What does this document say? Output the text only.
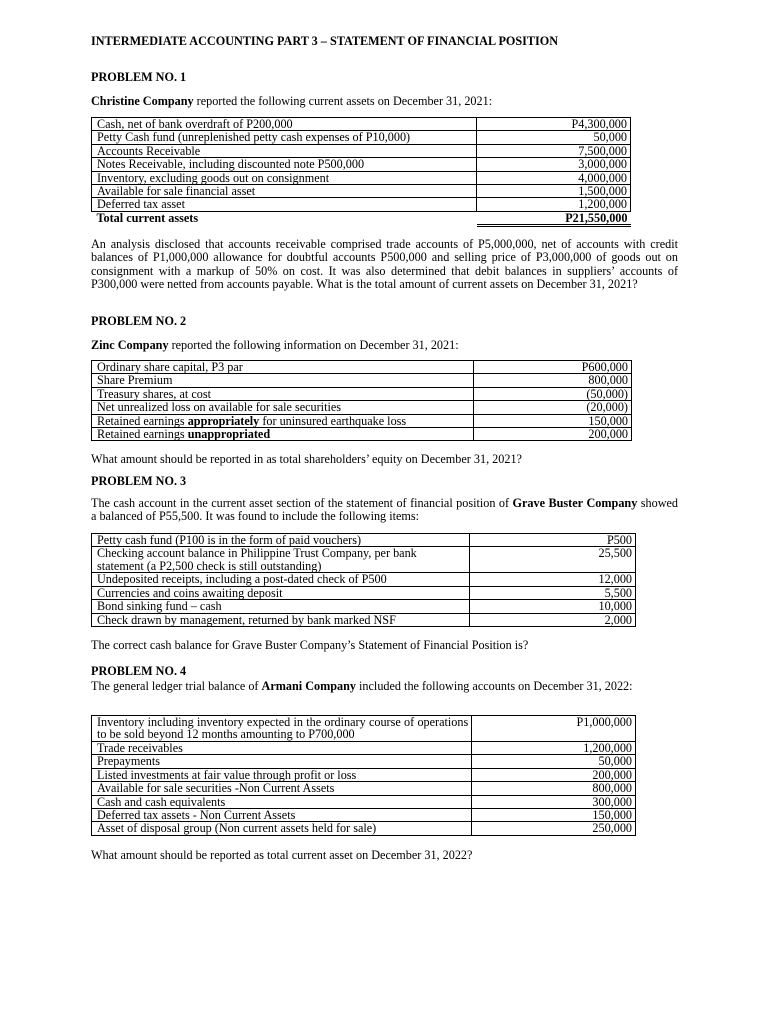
INTERMEDIATE ACCOUNTING PART 3 – STATEMENT OF FINANCIAL POSITION
PROBLEM NO. 1
Christine Company reported the following current assets on December 31, 2021:
Cash, net of bank overdraft of P200,000	P4,300,000
Petty Cash fund (unreplenished petty cash expenses of P10,000)	50,000
Accounts Receivable	7,500,000
Notes Receivable, including discounted note P500,000	3,000,000
Inventory, excluding goods out on consignment	4,000,000
Available for sale financial asset	1,500,000
Deferred tax asset	1,200,000
Total current assets	P21,550,000
An analysis disclosed that accounts receivable comprised trade accounts of P5,000,000, net of accounts with credit balances of P1,000,000 allowance for doubtful accounts P500,000 and selling price of P3,000,000 of goods out on consignment with a markup of 50% on cost. It was also determined that debit balances in suppliers’ accounts of P300,000 were netted from accounts payable. What is the total amount of current assets on December 31, 2021?
PROBLEM NO. 2
Zinc Company reported the following information on December 31, 2021:
Ordinary share capital, P3 par	P600,000
Share Premium	800,000
Treasury shares, at cost	(50,000)
Net unrealized loss on available for sale securities	(20,000)
Retained earnings appropriately for uninsured earthquake loss	150,000
Retained earnings unappropriated	200,000
What amount should be reported in as total shareholders’ equity on December 31, 2021?
PROBLEM NO. 3
The cash account in the current asset section of the statement of financial position of Grave Buster Company showed a balanced of P55,500. It was found to include the following items:
Petty cash fund (P100 is in the form of paid vouchers)	P500
Checking account balance in Philippine Trust Company, per bank statement (a P2,500 check is still outstanding)	25,500
Undeposited receipts, including a post-dated check of P500	12,000
Currencies and coins awaiting deposit	5,500
Bond sinking fund – cash	10,000
Check drawn by management, returned by bank marked NSF	2,000
The correct cash balance for Grave Buster Company’s Statement of Financial Position is?
PROBLEM NO. 4
The general ledger trial balance of Armani Company included the following accounts on December 31, 2022:
Inventory including inventory expected in the ordinary course of operations to be sold beyond 12 months amounting to P700,000	P1,000,000
Trade receivables	1,200,000
Prepayments	50,000
Listed investments at fair value through profit or loss	200,000
Available for sale securities -Non Current Assets	800,000
Cash and cash equivalents	300,000
Deferred tax assets - Non Current Assets	150,000
Asset of disposal group (Non current assets held for sale)	250,000
What amount should be reported as total current asset on December 31, 2022?
